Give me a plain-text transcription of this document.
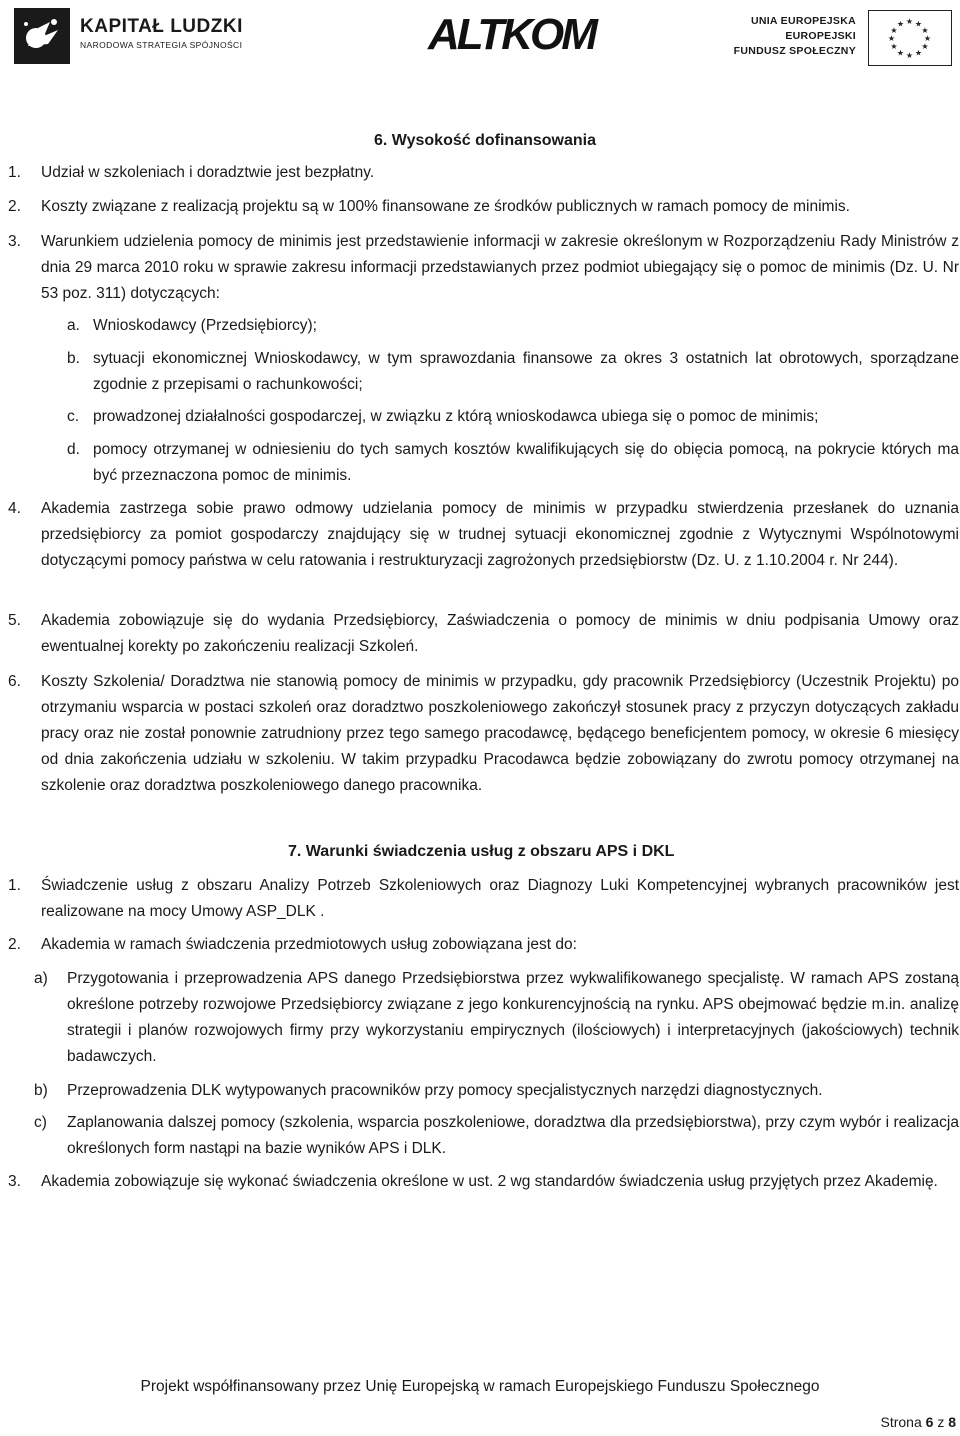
KAPITAŁ LUDZKI
NARODOWA STRATEGIA SPÓJNOŚCI	ALTKOM	UNIA EUROPEJSKA
EUROPEJSKI
FUNDUSZ SPOŁECZNY
★ ★
★
★
★
★
★
★
★
★
★
★
6. Wysokość dofinansowania
1. Udział w szkoleniach i doradztwie jest bezpłatny.

2. Koszty związane z realizacją projektu są w 100% finansowane ze środków publicznych w ramach pomocy de minimis.

3. Warunkiem udzielenia pomocy de minimis jest przedstawienie informacji w zakresie określonym w Rozporządzeniu Rady Ministrów z dnia 29 marca 2010 roku w sprawie zakresu informacji przedstawianych przez podmiot ubiegający się o pomoc de minimis (Dz. U. Nr 53 poz. 311) dotyczących:

a. Wnioskodawcy (Przedsiębiorcy);

b. sytuacji ekonomicznej Wnioskodawcy, w tym sprawozdania finansowe za okres 3 ostatnich lat obrotowych, sporządzane zgodnie z przepisami o rachunkowości;

c. prowadzonej działalności gospodarczej, w związku z którą wnioskodawca ubiega się o pomoc de minimis;

d. pomocy otrzymanej w odniesieniu do tych samych kosztów kwalifikujących się do obięcia pomocą, na pokrycie których ma być przeznaczona pomoc de minimis.

4. Akademia zastrzega sobie prawo odmowy udzielania pomocy de minimis w przypadku stwierdzenia przesłanek do uznania przedsiębiorcy za pomiot gospodarczy znajdujący się w trudnej sytuacji ekonomicznej zgodnie z Wytycznymi Wspólnotowymi dotyczącymi pomocy państwa w celu ratowania i restrukturyzacji zagrożonych przedsiębiorstw (Dz. U. z 1.10.2004 r. Nr 244).

5. Akademia zobowiązuje się do wydania Przedsiębiorcy, Zaświadczenia o pomocy de minimis w dniu podpisania Umowy oraz ewentualnej korekty po zakończeniu realizacji Szkoleń.

6. Koszty Szkolenia/ Doradztwa nie stanowią pomocy de minimis w przypadku, gdy pracownik Przedsiębiorcy (Uczestnik Projektu) po otrzymaniu wsparcia w postaci szkoleń oraz doradztwo poszkoleniowego zakończył stosunek pracy z przyczyn dotyczących zakładu pracy oraz nie został ponownie zatrudniony przez tego samego pracodawcę, będącego beneficjentem pomocy, w okresie 6 miesięcy od dnia zakończenia udziału w szkoleniu. W takim przypadku Pracodawca będzie zobowiązany do zwrotu pomocy otrzymanej na szkolenie oraz doradztwa poszkoleniowego danego pracownika.

7. Warunki świadczenia usług z obszaru APS i DKL
1. Świadczenie usług z obszaru Analizy Potrzeb Szkoleniowych oraz Diagnozy Luki Kompetencyjnej wybranych pracowników jest realizowane na mocy Umowy ASP_DLK .

2. Akademia w ramach świadczenia przedmiotowych usług zobowiązana jest do:

a) Przygotowania i przeprowadzenia APS danego Przedsiębiorstwa przez wykwalifikowanego specjalistę. W ramach APS zostaną określone potrzeby rozwojowe Przedsiębiorcy związane z jego konkurencyjnością na rynku. APS obejmować będzie m.in. analizę strategii i planów rozwojowych firmy przy wykorzystaniu empirycznych (ilościowych) i interpretacyjnych (jakościowych) technik badawczych.

b) Przeprowadzenia DLK wytypowanych pracowników przy pomocy specjalistycznych narzędzi diagnostycznych.

c) Zaplanowania dalszej pomocy (szkolenia, wsparcia poszkoleniowe, doradztwa dla przedsiębiorstwa), przy czym wybór i realizacja określonych form nastąpi na bazie wyników APS i DLK.

3. Akademia zobowiązuje się wykonać świadczenia określone w ust. 2 wg standardów świadczenia usług przyjętych przez Akademię.

Projekt współfinansowany przez Unię Europejską w ramach Europejskiego Funduszu Społecznego
Strona 6 z 8
